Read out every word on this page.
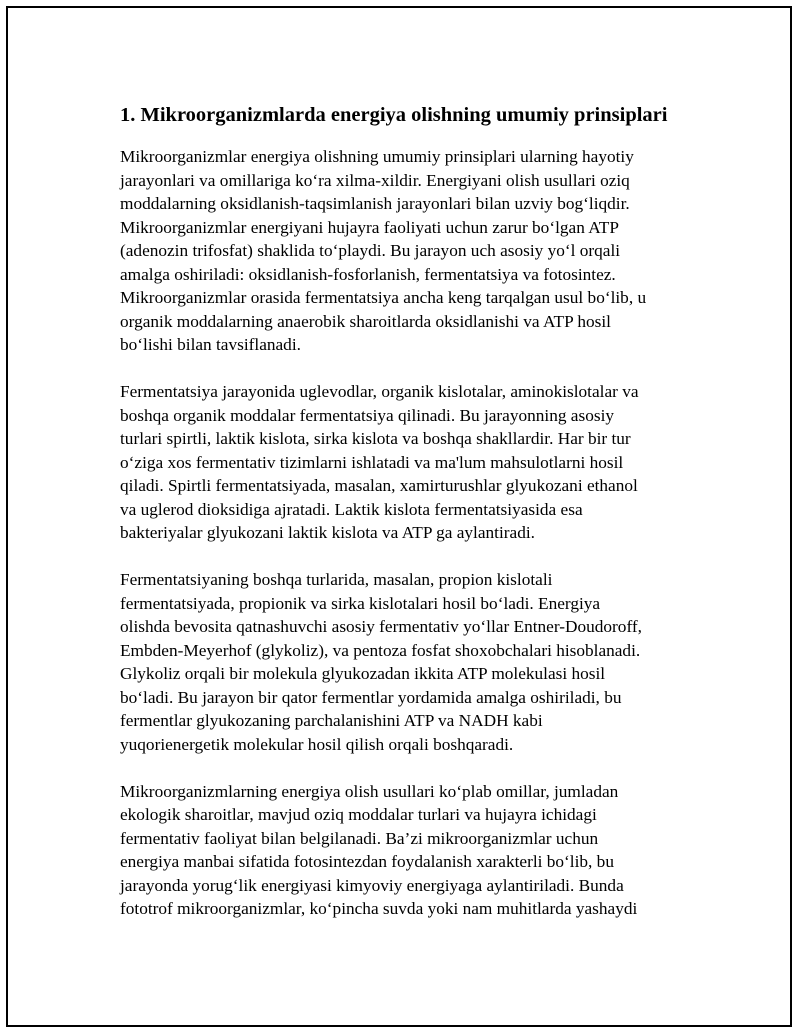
1. Mikroorganizmlarda energiya olishning umumiy prinsiplari

Mikroorganizmlar energiya olishning umumiy prinsiplari ularning hayotiy
jarayonlari va omillariga ko‘ra xilma-xildir. Energiyani olish usullari oziq
moddalarning oksidlanish-taqsimlanish jarayonlari bilan uzviy bog‘liqdir.
Mikroorganizmlar energiyani hujayra faoliyati uchun zarur bo‘lgan ATP
(adenozin trifosfat) shaklida to‘playdi. Bu jarayon uch asosiy yo‘l orqali
amalga oshiriladi: oksidlanish-fosforlanish, fermentatsiya va fotosintez.
Mikroorganizmlar orasida fermentatsiya ancha keng tarqalgan usul bo‘lib, u
organik moddalarning anaerobik sharoitlarda oksidlanishi va ATP hosil
bo‘lishi bilan tavsiflanadi.

Fermentatsiya jarayonida uglevodlar, organik kislotalar, aminokislotalar va
boshqa organik moddalar fermentatsiya qilinadi. Bu jarayonning asosiy
turlari spirtli, laktik kislota, sirka kislota va boshqa shakllardir. Har bir tur
o‘ziga xos fermentativ tizimlarni ishlatadi va ma'lum mahsulotlarni hosil
qiladi. Spirtli fermentatsiyada, masalan, xamirturushlar glyukozani ethanol
va uglerod dioksidiga ajratadi. Laktik kislota fermentatsiyasida esa
bakteriyalar glyukozani laktik kislota va ATP ga aylantiradi.

Fermentatsiyaning boshqa turlarida, masalan, propion kislotali
fermentatsiyada, propionik va sirka kislotalari hosil bo‘ladi. Energiya
olishda bevosita qatnashuvchi asosiy fermentativ yo‘llar Entner-Doudoroff,
Embden-Meyerhof (glykoliz), va pentoza fosfat shoxobchalari hisoblanadi.
Glykoliz orqali bir molekula glyukozadan ikkita ATP molekulasi hosil
bo‘ladi. Bu jarayon bir qator fermentlar yordamida amalga oshiriladi, bu
fermentlar glyukozaning parchalanishini ATP va NADH kabi
yuqorienergetik molekular hosil qilish orqali boshqaradi.

Mikroorganizmlarning energiya olish usullari ko‘plab omillar, jumladan
ekologik sharoitlar, mavjud oziq moddalar turlari va hujayra ichidagi
fermentativ faoliyat bilan belgilanadi. Ba’zi mikroorganizmlar uchun
energiya manbai sifatida fotosintezdan foydalanish xarakterli bo‘lib, bu
jarayonda yorug‘lik energiyasi kimyoviy energiyaga aylantiriladi. Bunda
fototrof mikroorganizmlar, ko‘pincha suvda yoki nam muhitlarda yashaydi
